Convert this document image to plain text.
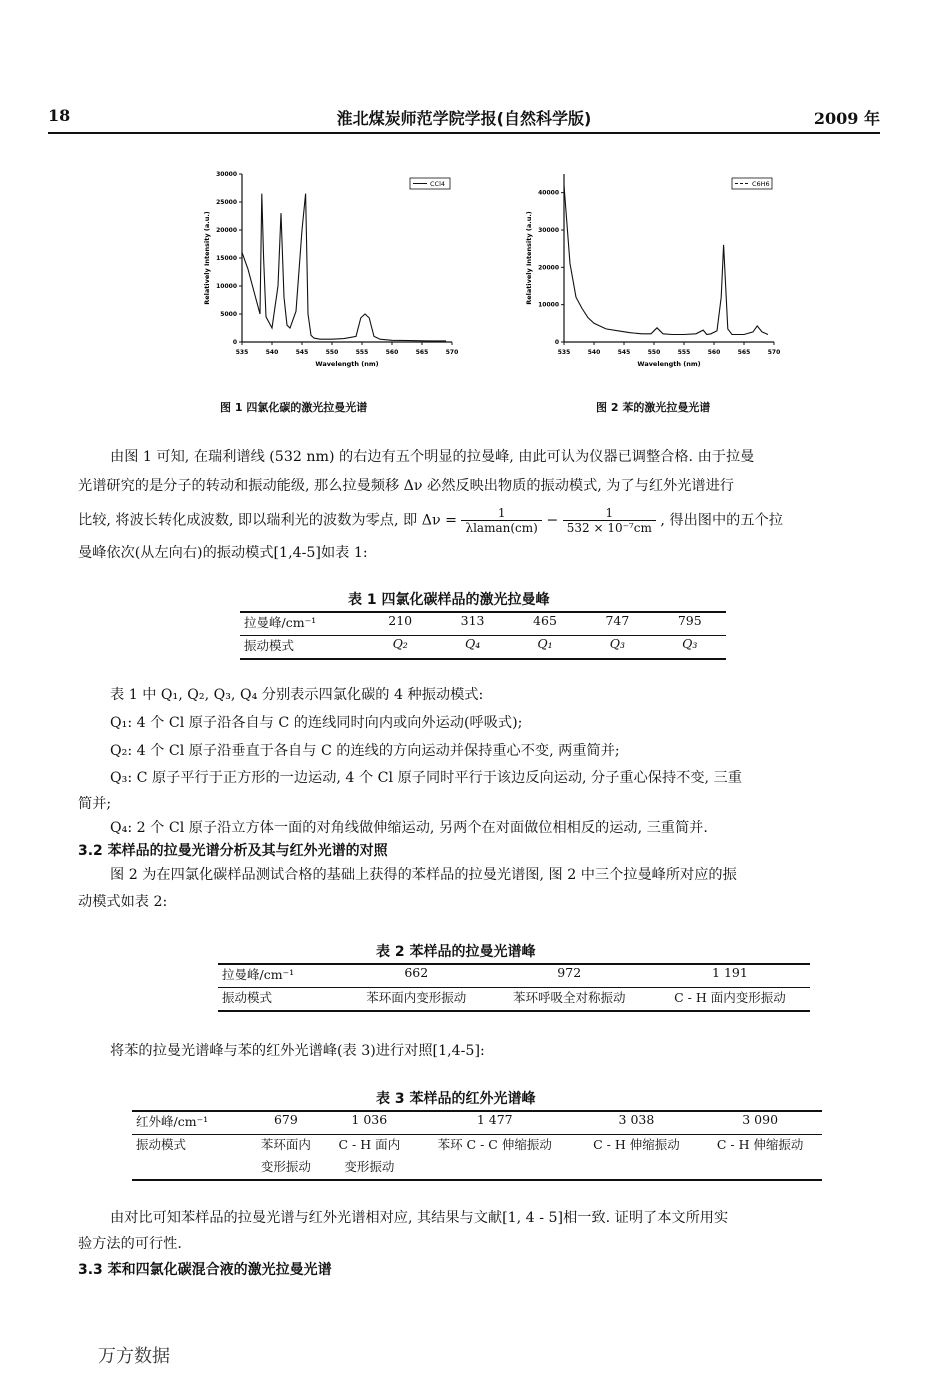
18	淮北煤炭师范学院学报(自然科学版)	2009 年
535	540	545	550	555	560	565	570
0
5000
10000
15000
20000
25000
30000
Wavelength (nm)
Relatively Intensity (a.u.)
CCl4
图 1 四氯化碳的激光拉曼光谱
535	540	545	550	555	560	565	570
0
10000
20000
30000
40000
Wavelength (nm)
Relatively Intensity (a.u.)
C6H6
图 2 苯的激光拉曼光谱
由图 1 可知, 在瑞利谱线 (532 nm) 的右边有五个明显的拉曼峰, 由此可认为仪器已调整合格. 由于拉曼
光谱研究的是分子的转动和振动能级, 那么拉曼频移 Δν 必然反映出物质的振动模式, 为了与红外光谱进行
比较, 将波长转化成波数, 即以瑞利光的波数为零点, 即 $\Delta\nu = \frac{1}{\text{λlaman(cm)}} - \frac{1}{\text{532 × 10⁻⁷cm}}$ , 得出图中的五个拉
曼峰依次(从左向右)的振动模式[1,4-5]如表 1:
表 1 四氯化碳样品的激光拉曼峰
拉曼峰/cm⁻¹	210	313	465	747	795
振动模式	Q₂	Q₄	Q₁	Q₃	Q₃
表 1 中 Q₁, Q₂, Q₃, Q₄ 分别表示四氯化碳的 4 种振动模式:
Q₁: 4 个 Cl 原子沿各自与 C 的连线同时向内或向外运动(呼吸式);
Q₂: 4 个 Cl 原子沿垂直于各自与 C 的连线的方向运动并保持重心不变, 两重简并;
Q₃: C 原子平行于正方形的一边运动, 4 个 Cl 原子同时平行于该边反向运动, 分子重心保持不变, 三重
简并;
Q₄: 2 个 Cl 原子沿立方体一面的对角线做伸缩运动, 另两个在对面做位相相反的运动, 三重简并.
3.2 苯样品的拉曼光谱分析及其与红外光谱的对照
图 2 为在四氯化碳样品测试合格的基础上获得的苯样品的拉曼光谱图, 图 2 中三个拉曼峰所对应的振
动模式如表 2:
表 2 苯样品的拉曼光谱峰
拉曼峰/cm⁻¹	662	972	1 191
振动模式	苯环面内变形振动	苯环呼吸全对称振动	C - H 面内变形振动
将苯的拉曼光谱峰与苯的红外光谱峰(表 3)进行对照[1,4-5]:
表 3 苯样品的红外光谱峰
红外峰/cm⁻¹	679	1 036	1 477	3 038	3 090
振动模式	苯环面内	C - H 面内	苯环 C - C 伸缩振动	C - H 伸缩振动	C - H 伸缩振动
	变形振动	变形振动			
由对比可知苯样品的拉曼光谱与红外光谱相对应, 其结果与文献[1, 4 - 5]相一致. 证明了本文所用实
验方法的可行性.
3.3 苯和四氯化碳混合液的激光拉曼光谱
万方数据
